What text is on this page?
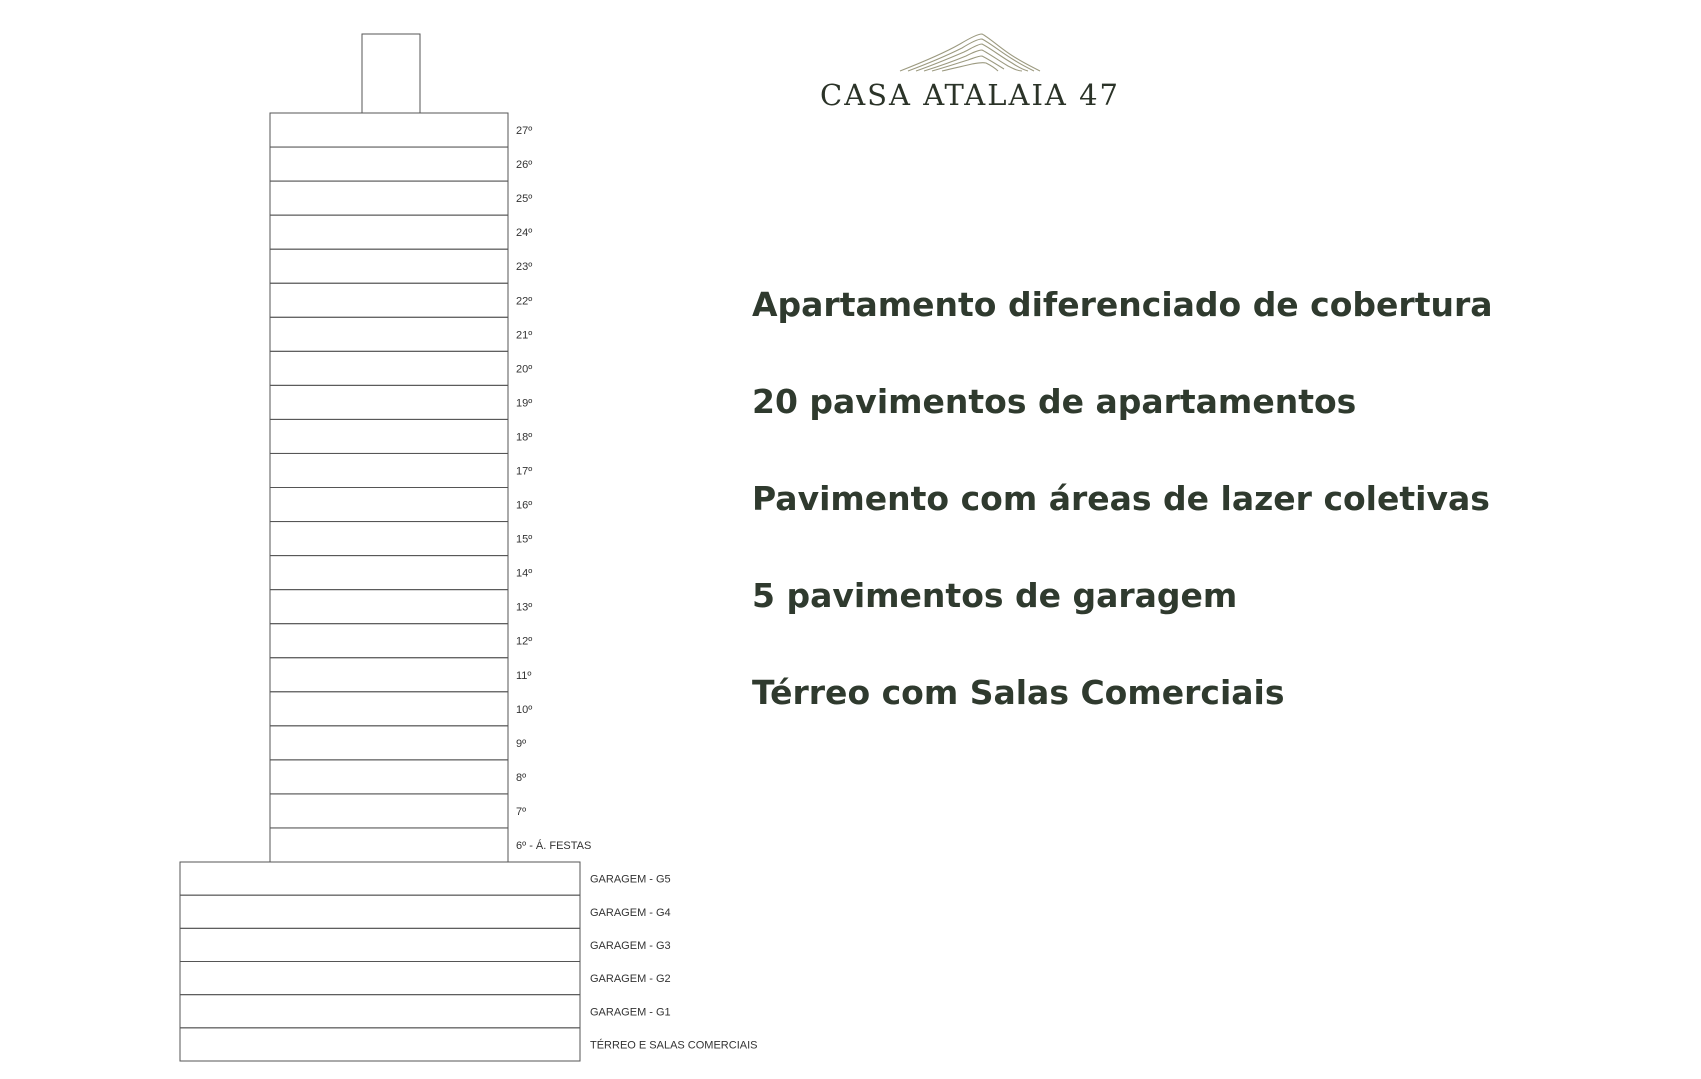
27º
26º
25º
24º
23º
22º
21º
20º
19º
18º
17º
16º
15º
14º
13º
12º
11º
10º
9º
8º
7º
6º - Á. FESTAS
GARAGEM - G5
GARAGEM - G4
GARAGEM - G3
GARAGEM - G2
GARAGEM - G1
TÉRREO E SALAS COMERCIAIS
CASA ATALAIA 47
Apartamento diferenciado de cobertura
20 pavimentos de apartamentos
Pavimento com áreas de lazer coletivas
5 pavimentos de garagem
Térreo com Salas Comerciais
